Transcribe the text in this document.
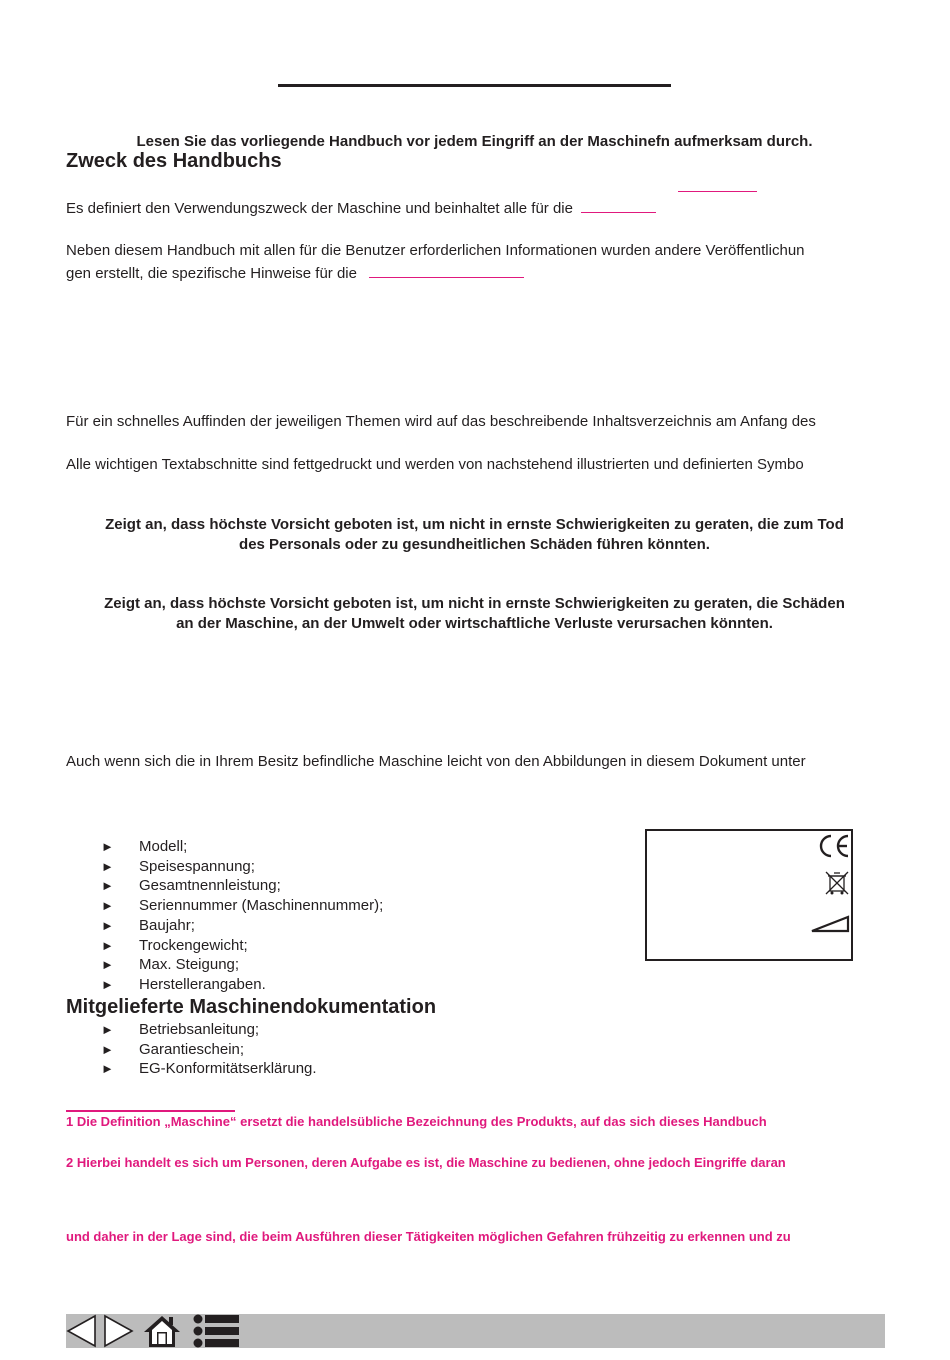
Lesen Sie das vorliegende Handbuch vor jedem Eingriff an der Maschinefn aufmerksam durch.
Zweck des Handbuchs
Es definiert den Verwendungszweck der Maschine und beinhaltet alle für die
Neben diesem Handbuch mit allen für die Benutzer erforderlichen Informationen wurden andere Veröffentlichun
gen erstellt, die spezifische Hinweise für die
Für ein schnelles Auffinden der jeweiligen Themen wird auf das beschreibende Inhaltsverzeichnis am Anfang des
Alle wichtigen Textabschnitte sind fettgedruckt und werden von nachstehend illustrierten und definierten Symbo
Zeigt an, dass höchste Vorsicht geboten ist, um nicht in ernste Schwierigkeiten zu geraten, die zum Tod
des Personals oder zu gesundheitlichen Schäden führen könnten.
Zeigt an, dass höchste Vorsicht geboten ist, um nicht in ernste Schwierigkeiten zu geraten, die Schäden
an der Maschine, an der Umwelt oder wirtschaftliche Verluste verursachen könnten.
Auch wenn sich die in Ihrem Besitz befindliche Maschine leicht von den Abbildungen in diesem Dokument unter
► Modell;
► Speisespannung;
► Gesamtnennleistung;
► Seriennummer (Maschinennummer);
► Baujahr;
► Trockengewicht;
► Max. Steigung;
► Herstellerangaben.
Mitgelieferte Maschinendokumentation
► Betriebsanleitung;
► Garantieschein;
► EG-Konformitätserklärung.
1 Die Definition „Maschine“ ersetzt die handelsübliche Bezeichnung des Produkts, auf das sich dieses Handbuch
2 Hierbei handelt es sich um Personen, deren Aufgabe es ist, die Maschine zu bedienen, ohne jedoch Eingriffe daran
und daher in der Lage sind, die beim Ausführen dieser Tätigkeiten möglichen Gefahren frühzeitig zu erkennen und zu
